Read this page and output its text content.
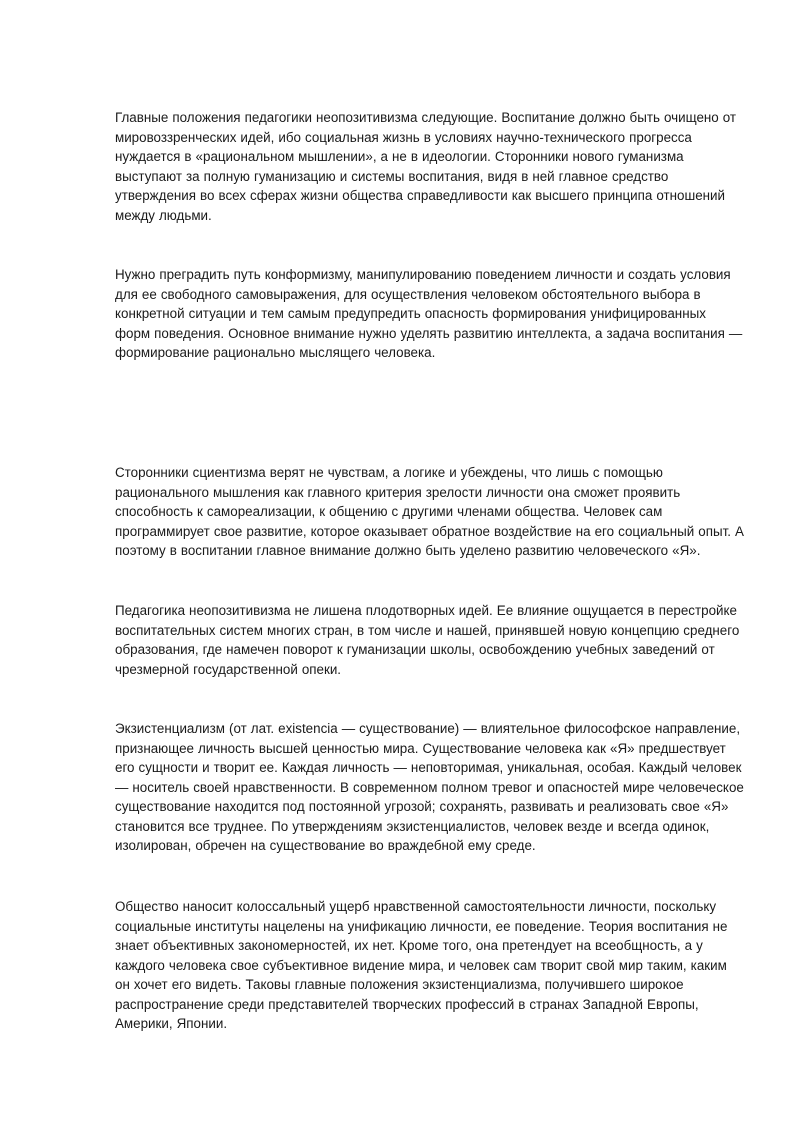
Главные положения педагогики неопозитивизма следующие. Воспитание должно быть очищено от мировоззренческих идей, ибо социальная жизнь в условиях научно-технического прогресса нуждается в «рациональном мышлении», а не в идеологии. Сторонники нового гуманизма выступают за полную гуманизацию и системы воспитания, видя в ней главное средство утверждения во всех сферах жизни общества справедливости как высшего принципа отношений между людьми.

Нужно преградить путь конформизму, манипулированию поведением личности и создать условия для ее свободного самовыражения, для осуществления человеком обстоятельного выбора в конкретной ситуации и тем самым предупредить опасность формирования унифицированных форм поведения. Основное внимание нужно уделять развитию интеллекта, а задача воспитания — формирование рационально мыслящего человека.

Сторонники сциентизма верят не чувствам, а логике и убеждены, что лишь с помощью рационального мышления как главного критерия зрелости личности она сможет проявить способность к самореализации, к общению с другими членами общества. Человек сам программирует свое развитие, которое оказывает обратное воздействие на его социальный опыт. А поэтому в воспитании главное внимание должно быть уделено развитию человеческого «Я».

Педагогика неопозитивизма не лишена плодотворных идей. Ее влияние ощущается в перестройке воспитательных систем многих стран, в том числе и нашей, принявшей новую концепцию среднего образования, где намечен поворот к гуманизации школы, освобождению учебных заведений от чрезмерной государственной опеки.

Экзистенциализм (от лат. existencia — существование) — влиятельное философское направление, признающее личность высшей ценностью мира. Существование человека как «Я» предшествует его сущности и творит ее. Каждая личность — неповторимая, уникальная, особая. Каждый человек — носитель своей нравственности. В современном полном тревог и опасностей мире человеческое существование находится под постоянной угрозой; сохранять, развивать и реализовать свое «Я» становится все труднее. По утверждениям экзистенциалистов, человек везде и всегда одинок, изолирован, обречен на существование во враждебной ему среде.

Общество наносит колоссальный ущерб нравственной самостоятельности личности, поскольку социальные институты нацелены на унификацию личности, ее поведение. Теория воспитания не знает объективных закономерностей, их нет. Кроме того, она претендует на всеобщность, а у каждого человека свое субъективное видение мира, и человек сам творит свой мир таким, каким он хочет его видеть. Таковы главные положения экзистенциализма, получившего широкое распространение среди представителей творческих профессий в странах Западной Европы, Америки, Японии.
